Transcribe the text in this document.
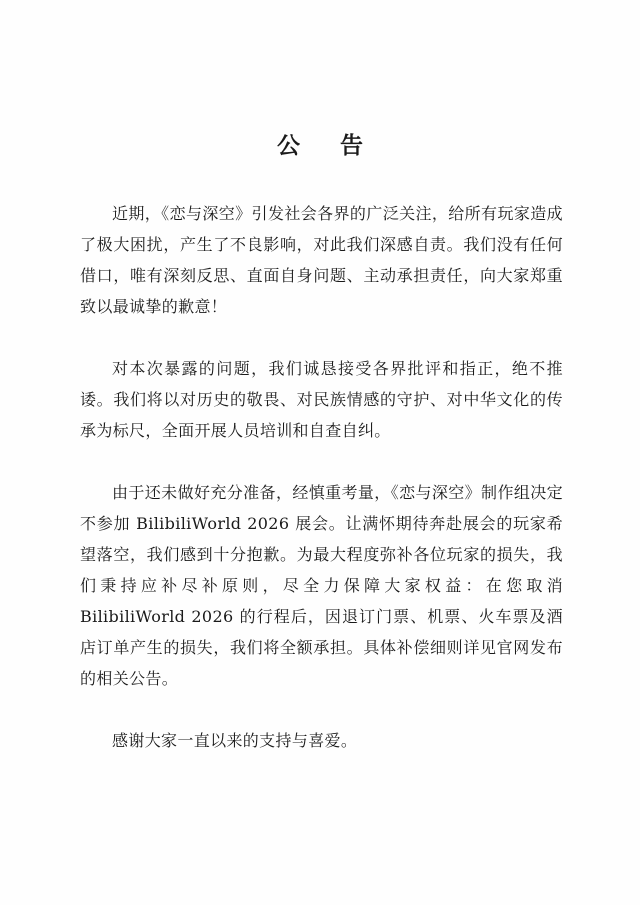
公 告

近期，《恋与深空》引发社会各界的广泛关注，给所有玩家造成了极大困扰，产生了不良影响，对此我们深感自责。我们没有任何借口，唯有深刻反思、直面自身问题、主动承担责任，向大家郑重致以最诚挚的歉意！

对本次暴露的问题，我们诚恳接受各界批评和指正，绝不推诿。我们将以对历史的敬畏、对民族情感的守护、对中华文化的传承为标尺，全面开展人员培训和自查自纠。

由于还未做好充分准备，经慎重考量，《恋与深空》制作组决定不参加 BilibiliWorld 2026 展会。让满怀期待奔赴展会的玩家希望落空，我们感到十分抱歉。为最大程度弥补各位玩家的损失，我们秉持应补尽补原则，尽全力保障大家权益：在您取消 BilibiliWorld 2026 的行程后，因退订门票、机票、火车票及酒店订单产生的损失，我们将全额承担。具体补偿细则详见官网发布的相关公告。

感谢大家一直以来的支持与喜爱。
